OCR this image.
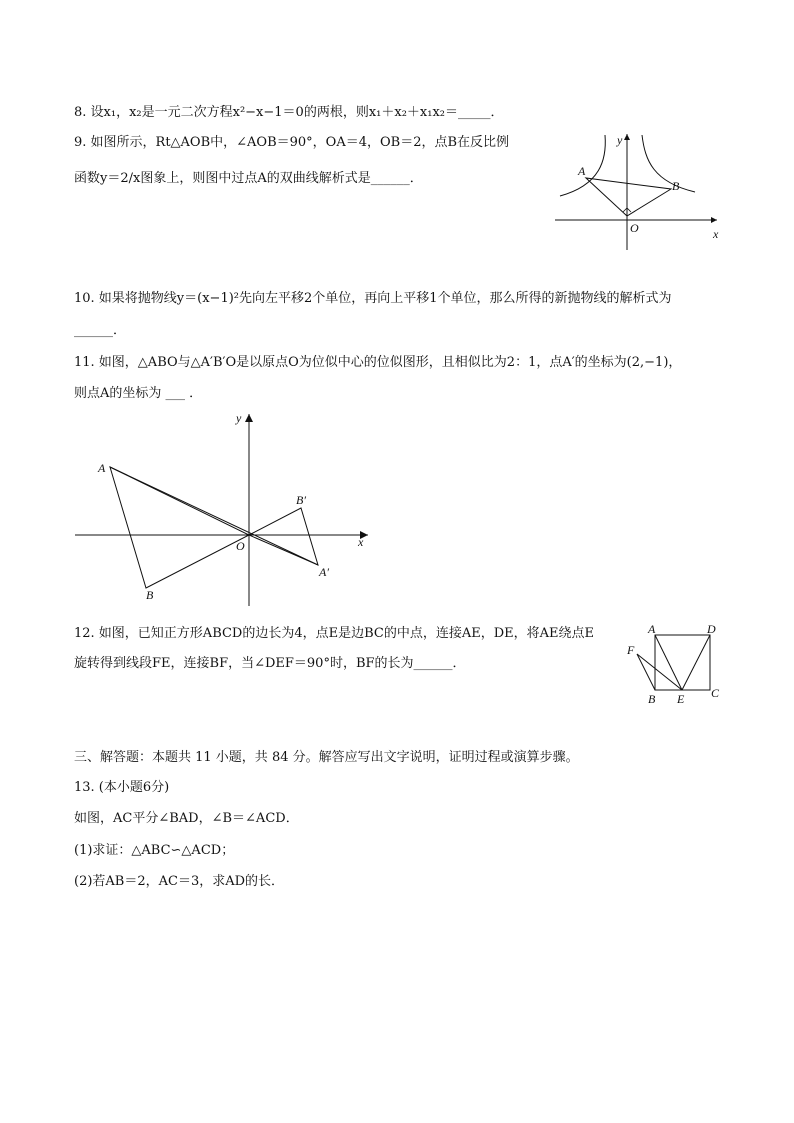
8. 设x₁，x₂是一元二次方程x²−x−1＝0的两根，则x₁＋x₂＋x₁x₂＝_____．
9. 如图所示，Rt△AOB中，∠AOB＝90°，OA＝4，OB＝2，点B在反比例
函数y＝2/x图象上，则图中过点A的双曲线解析式是______．
10. 如果将抛物线y＝(x−1)²先向左平移2个单位，再向上平移1个单位，那么所得的新抛物线的解析式为
______．
11. 如图，△ABO与△A′B′O是以原点O为位似中心的位似图形，且相似比为2：1，点A′的坐标为(2,−1)，
则点A的坐标为 ___ ．
12. 如图，已知正方形ABCD的边长为4，点E是边BC的中点，连接AE，DE，将AE绕点E
旋转得到线段FE，连接BF，当∠DEF＝90°时，BF的长为______．
三、解答题：本题共 11 小题，共 84 分。解答应写出文字说明，证明过程或演算步骤。
13. (本小题6分)
如图，AC平分∠BAD，∠B＝∠ACD．
(1)求证：△ABC∽△ACD；
(2)若AB＝2，AC＝3，求AD的长．
A
B
O	x
y
A
B
O
B′
A′
x
y
A	D
F
B E C
